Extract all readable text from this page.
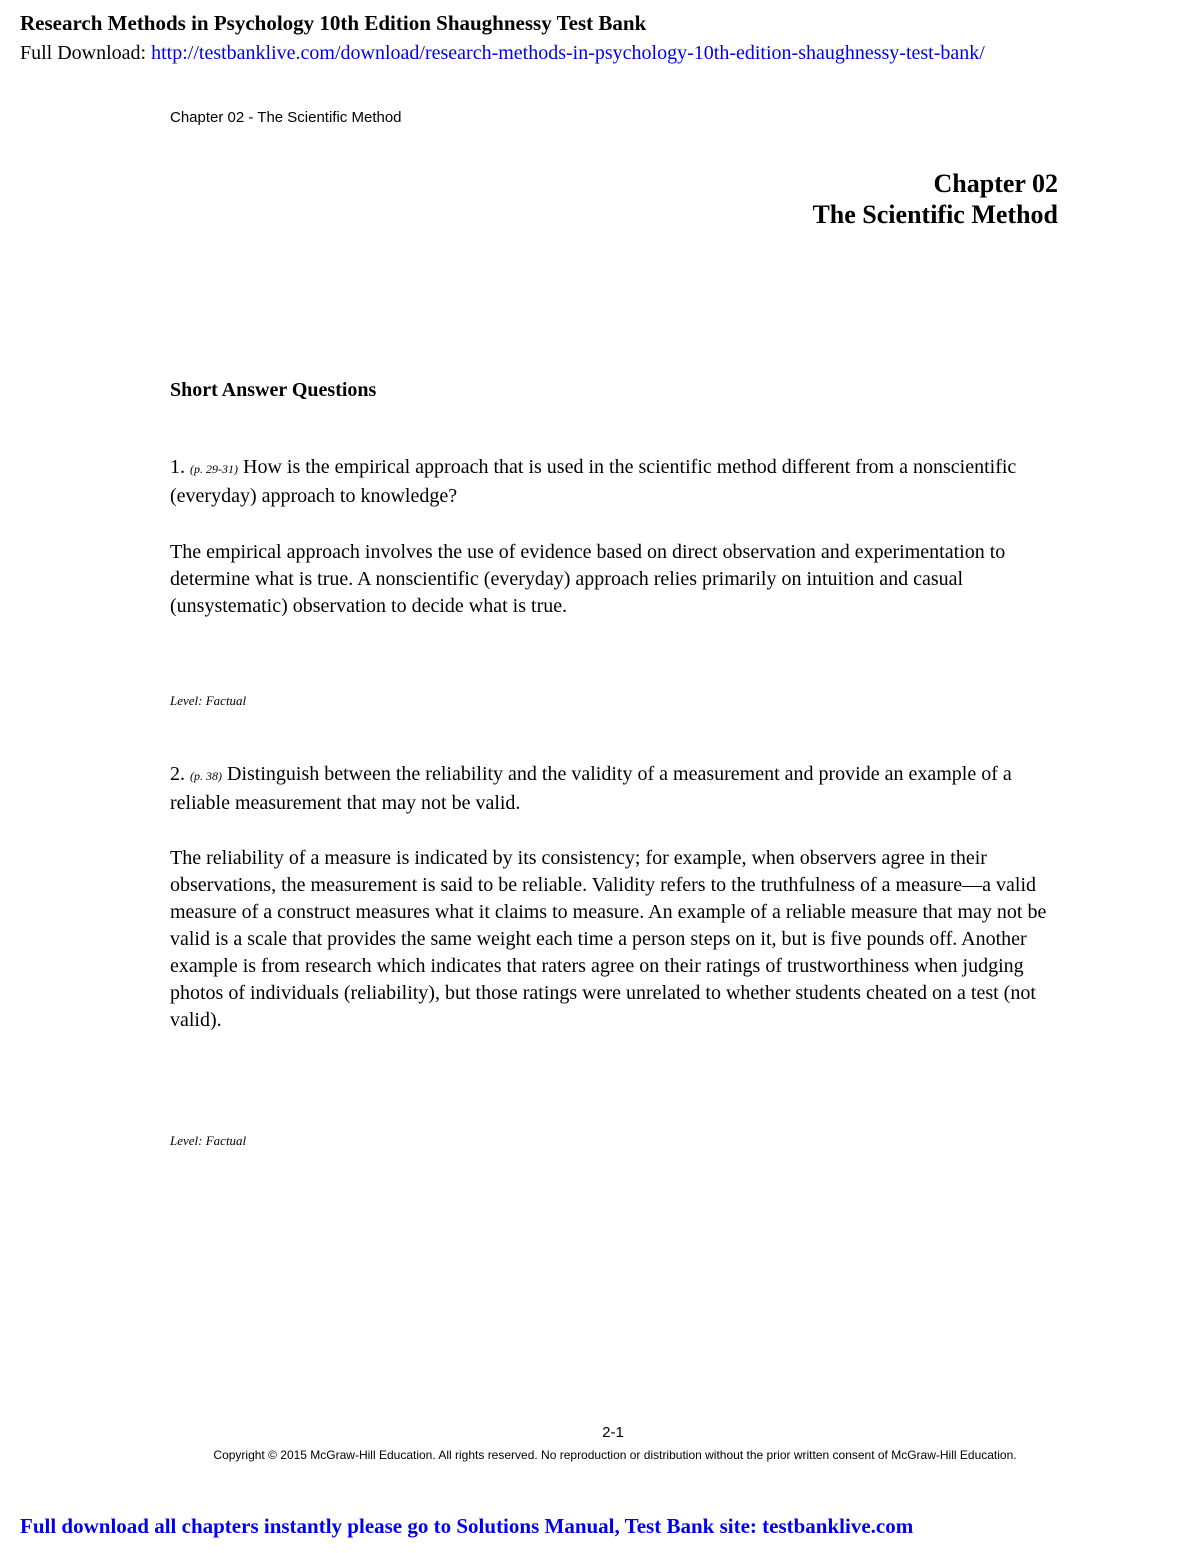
Research Methods in Psychology 10th Edition Shaughnessy Test Bank
Full Download: http://testbanklive.com/download/research-methods-in-psychology-10th-edition-shaughnessy-test-bank/
Chapter 02 - The Scientific Method
Chapter 02
The Scientific Method
Short Answer Questions

1. (p. 29-31) How is the empirical approach that is used in the scientific method different from a nonscientific (everyday) approach to knowledge?

The empirical approach involves the use of evidence based on direct observation and experimentation to determine what is true. A nonscientific (everyday) approach relies primarily on intuition and casual (unsystematic) observation to decide what is true.

Level: Factual

2. (p. 38) Distinguish between the reliability and the validity of a measurement and provide an example of a reliable measurement that may not be valid.

The reliability of a measure is indicated by its consistency; for example, when observers agree in their observations, the measurement is said to be reliable. Validity refers to the truthfulness of a measure—a valid measure of a construct measures what it claims to measure. An example of a reliable measure that may not be valid is a scale that provides the same weight each time a person steps on it, but is five pounds off. Another example is from research which indicates that raters agree on their ratings of trustworthiness when judging photos of individuals (reliability), but those ratings were unrelated to whether students cheated on a test (not valid).

Level: Factual
2-1
Copyright © 2015 McGraw-Hill Education. All rights reserved. No reproduction or distribution without the prior written consent of McGraw-Hill Education.
Full download all chapters instantly please go to Solutions Manual, Test Bank site: testbanklive.com
